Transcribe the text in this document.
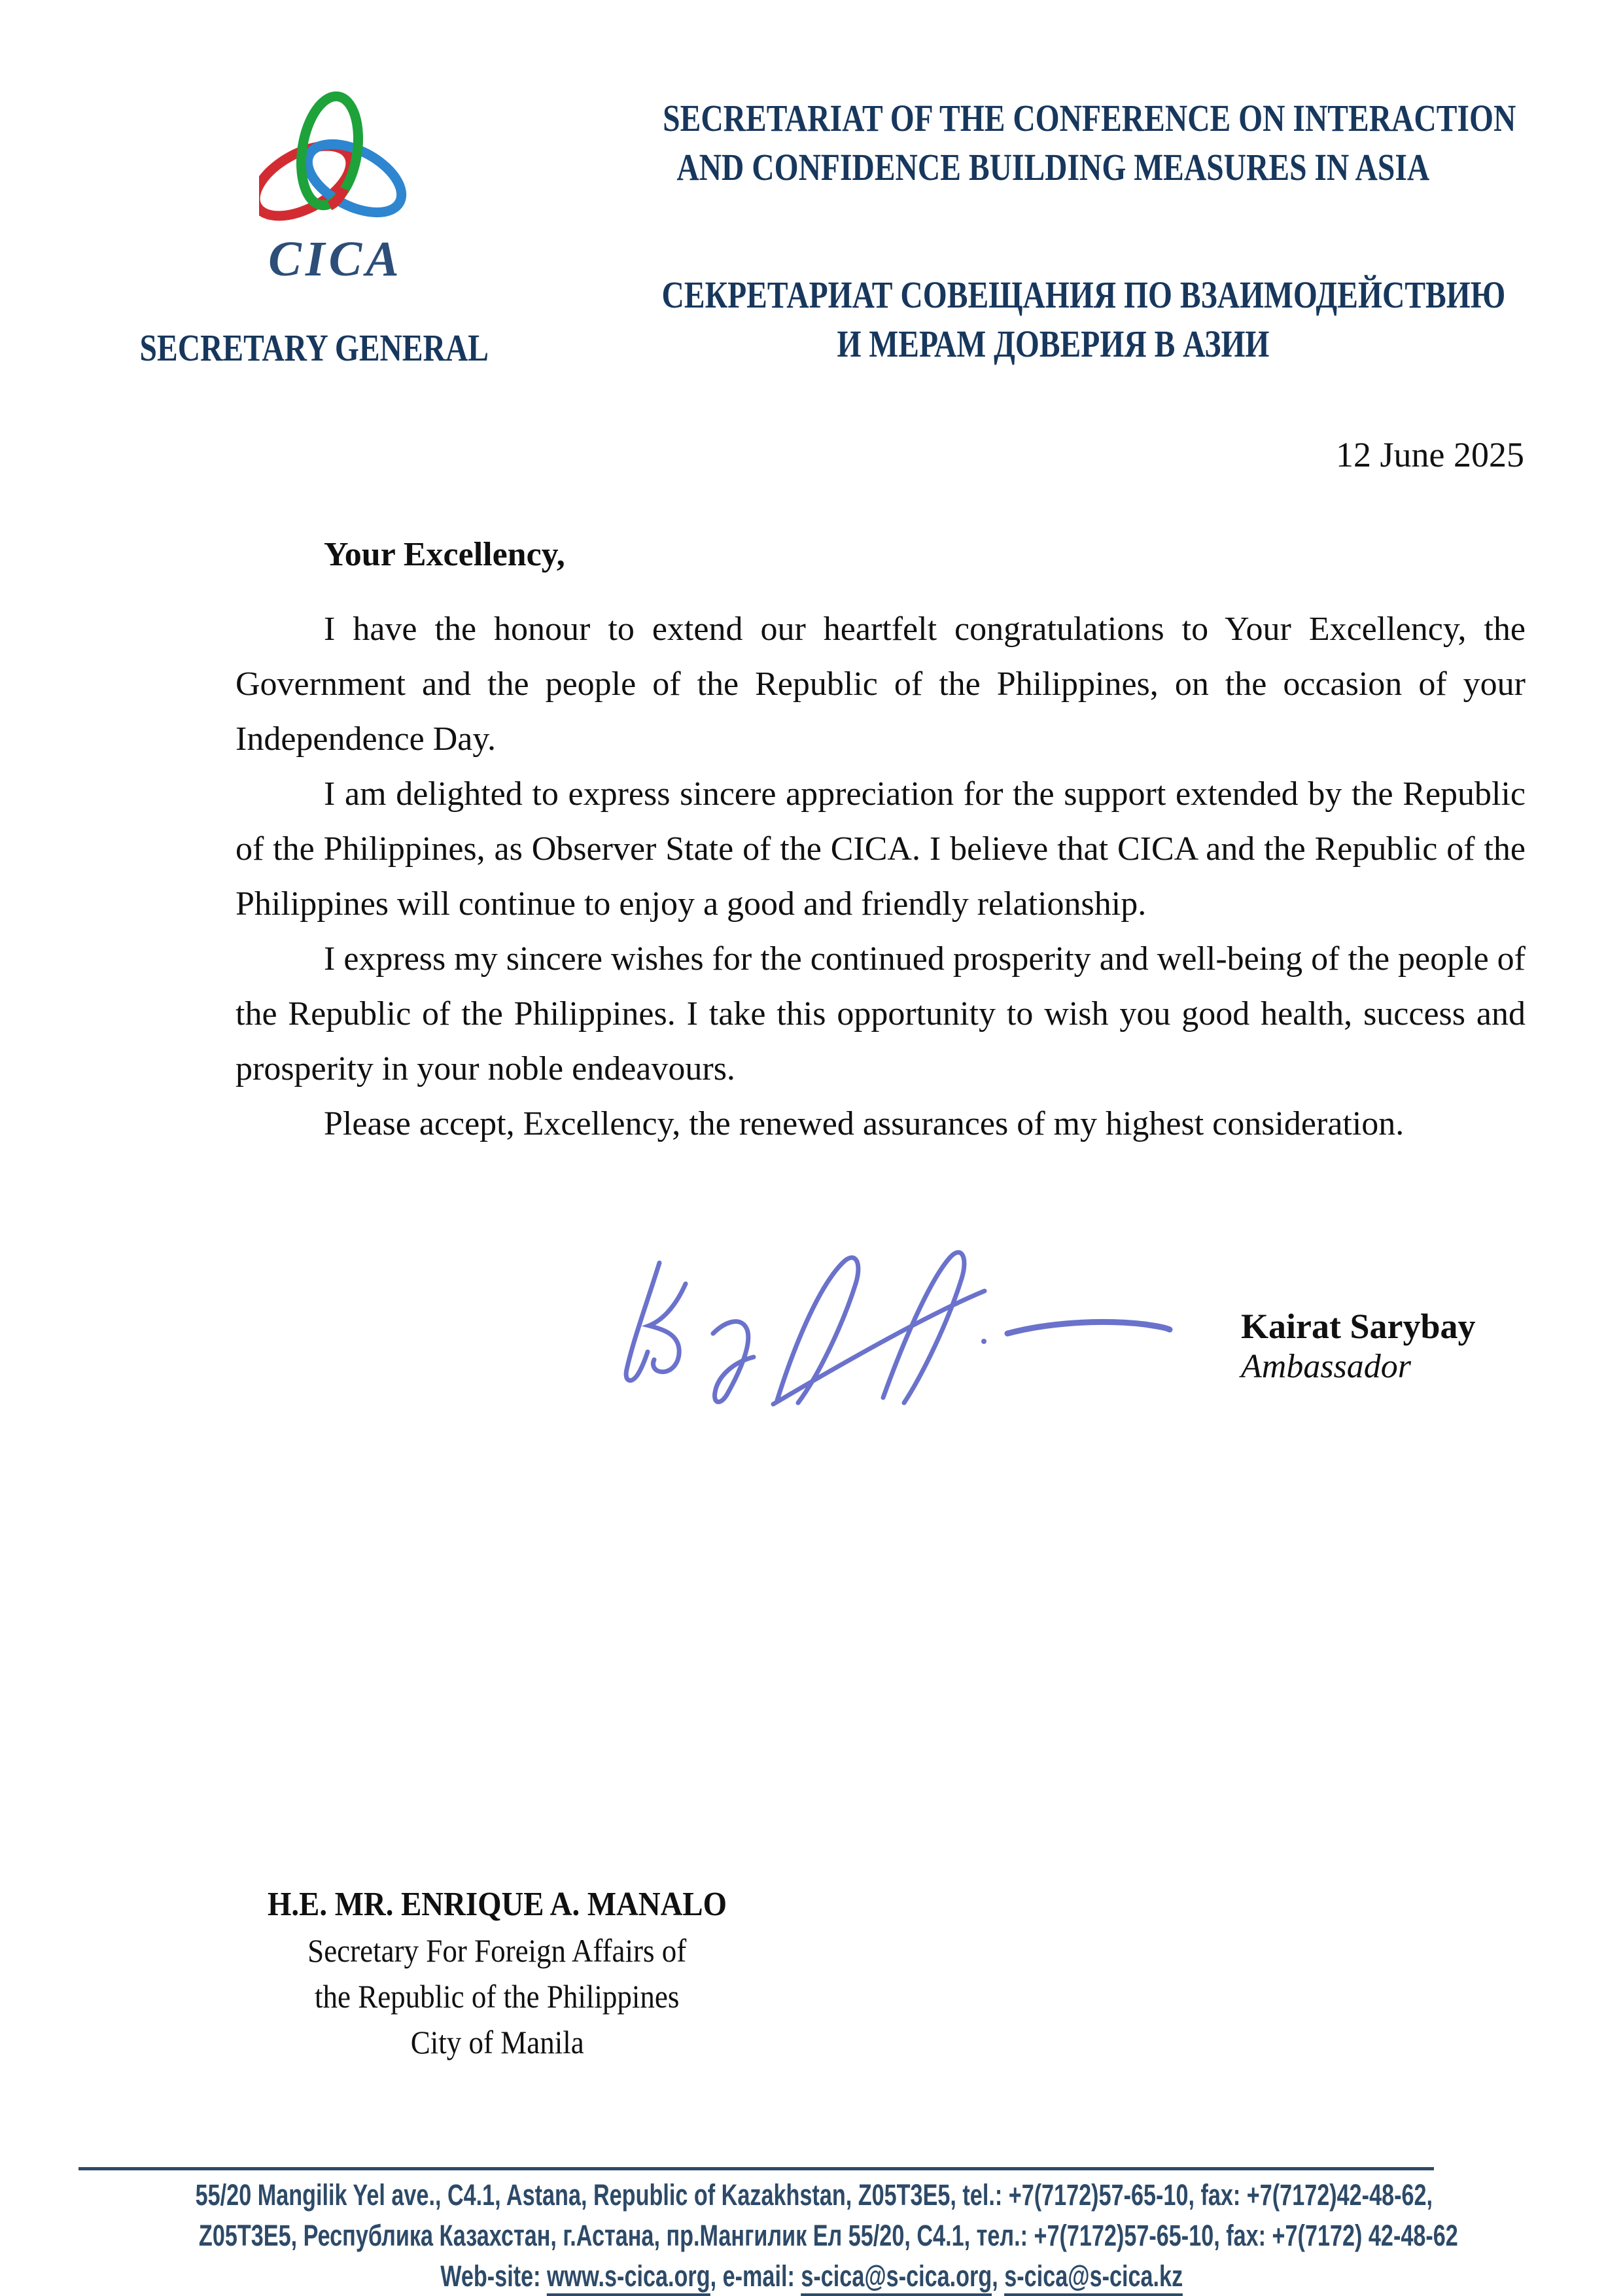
CICA
SECRETARY GENERAL
SECRETARIAT OF THE CONFERENCE ON INTERACTION
AND CONFIDENCE BUILDING MEASURES IN ASIA
СЕКРЕТАРИАТ СОВЕЩАНИЯ ПО ВЗАИМОДЕЙСТВИЮ
И МЕРАМ ДОВЕРИЯ В АЗИИ
12 June 2025

Your Excellency,

I have the honour to extend our heartfelt congratulations to Your Excellency, the Government and the people of the Republic of the Philippines, on the occasion of your Independence Day.

I am delighted to express sincere appreciation for the support extended by the Republic of the Philippines, as Observer State of the CICA. I believe that CICA and the Republic of the Philippines will continue to enjoy a good and friendly relationship.

I express my sincere wishes for the continued prosperity and well-being of the people of the Republic of the Philippines. I take this opportunity to wish you good health, success and prosperity in your noble endeavours.

Please accept, Excellency, the renewed assurances of my highest consideration.

Kairat Sarybay
Ambassador
H.E. MR. ENRIQUE A. MANALO
Secretary For Foreign Affairs of
the Republic of the Philippines
City of Manila
55/20 Mangilik Yel ave., C4.1, Astana, Republic of Kazakhstan, Z05T3E5, tel.: +7(7172)57-65-10, fax: +7(7172)42-48-62,
Z05T3E5, Республика Казахстан, г.Астана, пр.Мангилик Ел 55/20, C4.1, тел.: +7(7172)57-65-10, fax: +7(7172) 42-48-62
Web-site: www.s-cica.org, e-mail: s-cica@s-cica.org, s-cica@s-cica.kz
